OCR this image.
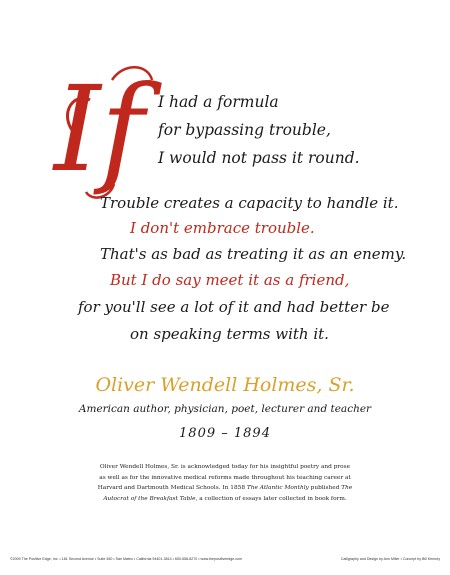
If I had a formula
for bypassing trouble,
I would not pass it round.
Trouble creates a capacity to handle it.
I don't embrace trouble.
That's as bad as treating it as an enemy.
But I do say meet it as a friend,
for you'll see a lot of it and had better be
on speaking terms with it.
Oliver Wendell Holmes, Sr.
American author, physician, poet, lecturer and teacher
1809 – 1894
Oliver Wendell Holmes, Sr. is acknowledged today for his insightful poetry and prose as well as for the innovative medical reforms made throughout his teaching career at Harvard and Dartmouth Medical Schools. In 1858 The Atlantic Monthly published The Autocrat of the Breakfast Table, a collection of essays later collected in book form.
©2009 The Positive Edge, Inc. • 181 Second Avenue • Suite 450 • San Mateo • California 94401-3814 • 650-558-8270 • www.thepositiveedge.com	Calligraphy and Design by Ann Miller • Concept by Bill Kenney
